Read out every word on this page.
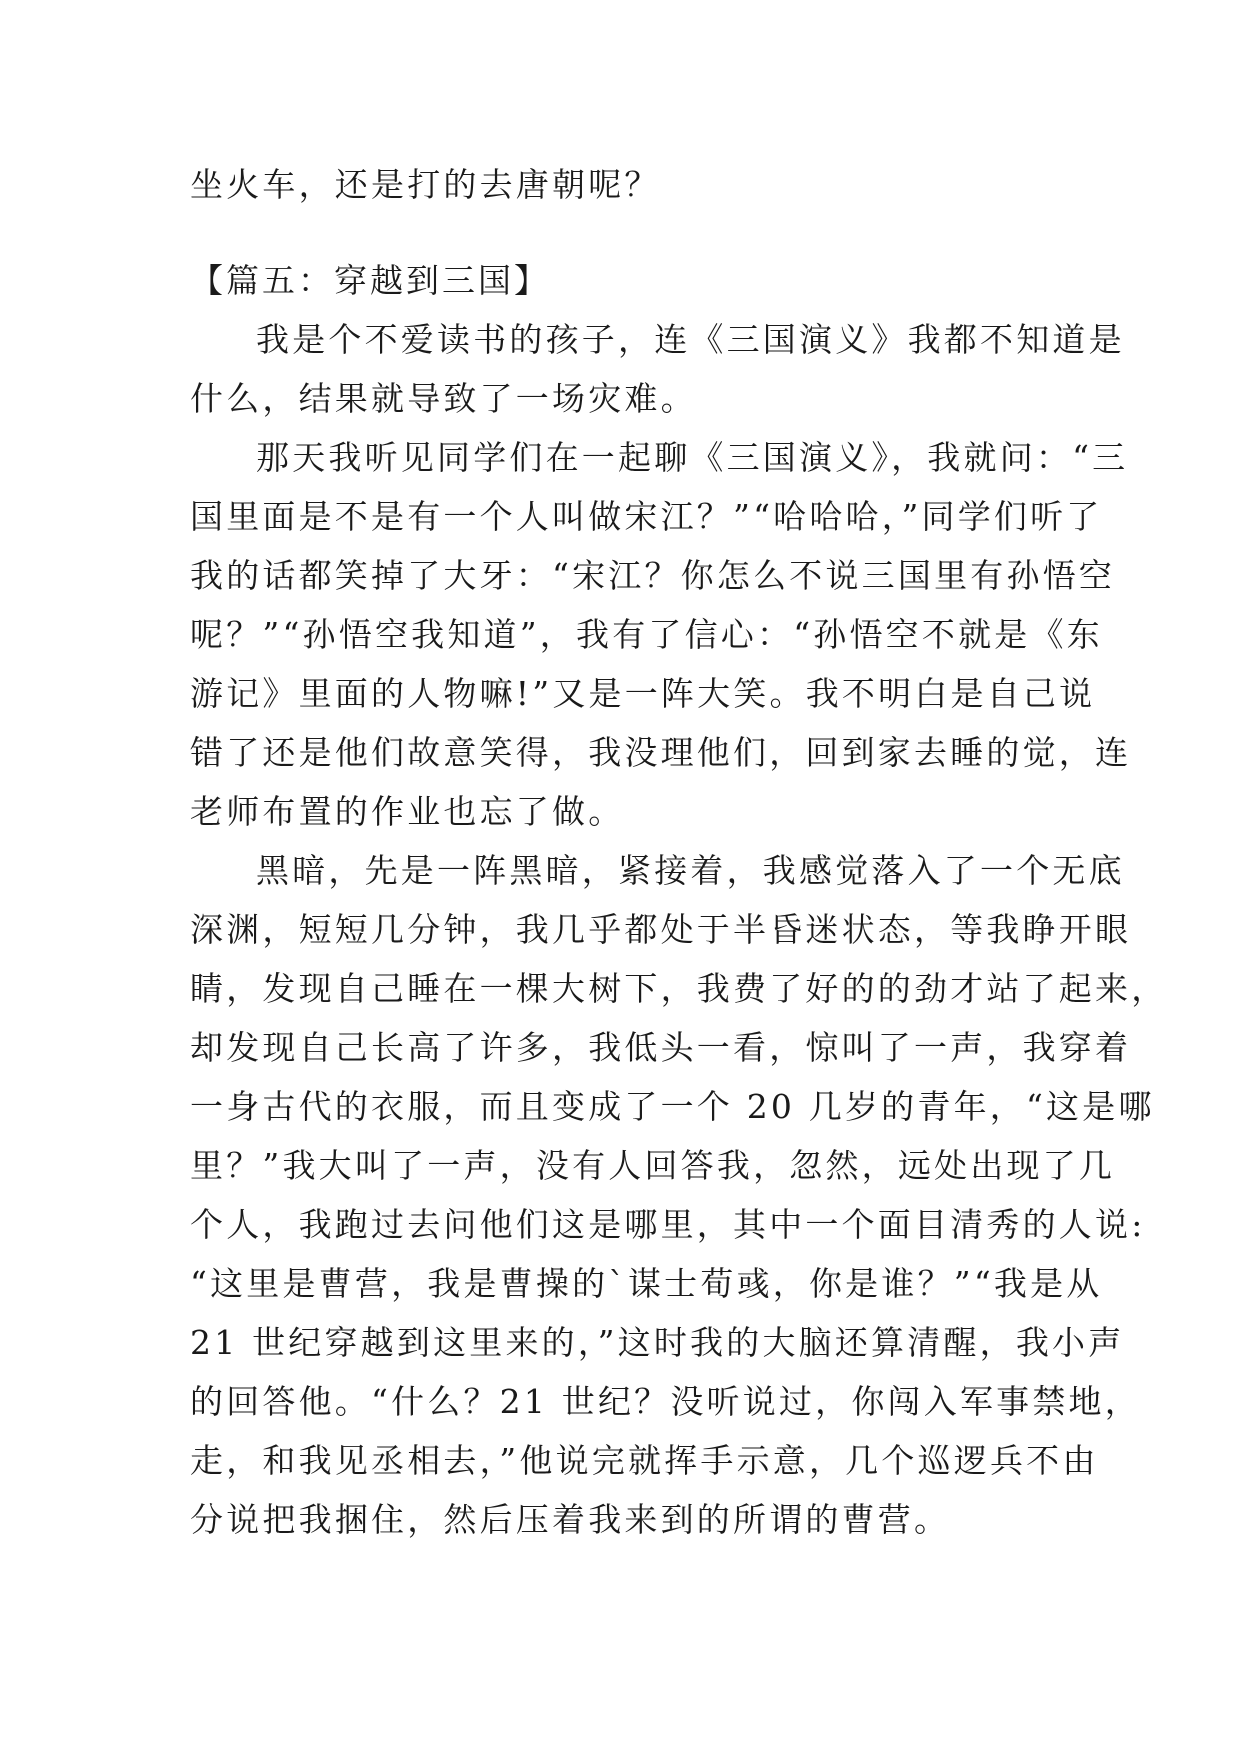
坐火车，还是打的去唐朝呢？
【篇五：穿越到三国】
我是个不爱读书的孩子，连《三国演义》我都不知道是
什么，结果就导致了一场灾难。
那天我听见同学们在一起聊《三国演义》，我就问：“三
国里面是不是有一个人叫做宋江？”“哈哈哈，”同学们听了
我的话都笑掉了大牙：“宋江？你怎么不说三国里有孙悟空
呢？”“孙悟空我知道”，我有了信心：“孙悟空不就是《东
游记》里面的人物嘛!”又是一阵大笑。我不明白是自己说
错了还是他们故意笑得，我没理他们，回到家去睡的觉，连
老师布置的作业也忘了做。
黑暗，先是一阵黑暗，紧接着，我感觉落入了一个无底
深渊，短短几分钟，我几乎都处于半昏迷状态，等我睁开眼
睛，发现自己睡在一棵大树下，我费了好的的劲才站了起来，
却发现自己长高了许多，我低头一看，惊叫了一声，我穿着
一身古代的衣服，而且变成了一个 20 几岁的青年，“这是哪
里？”我大叫了一声，没有人回答我，忽然，远处出现了几
个人，我跑过去问他们这是哪里，其中一个面目清秀的人说:
“这里是曹营，我是曹操的`谋士荀彧，你是谁？”“我是从
21 世纪穿越到这里来的，”这时我的大脑还算清醒，我小声
的回答他。“什么？21 世纪？没听说过，你闯入军事禁地，
走，和我见丞相去，”他说完就挥手示意，几个巡逻兵不由
分说把我捆住，然后压着我来到的所谓的曹营。
